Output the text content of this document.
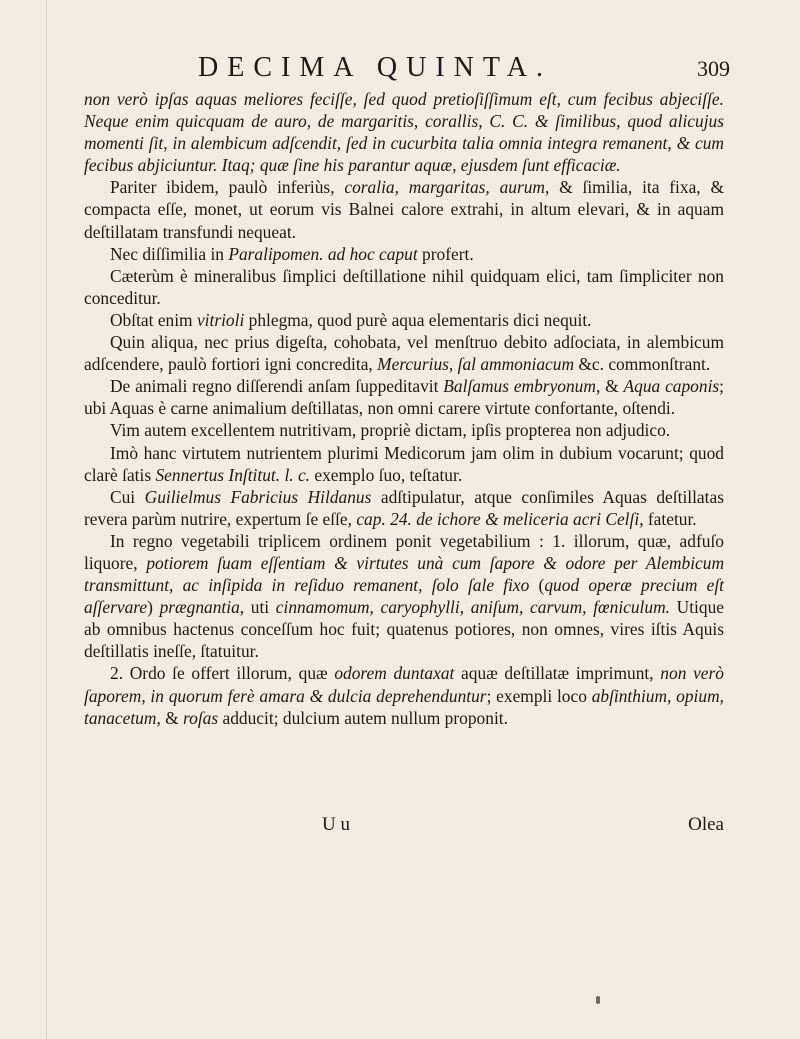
DECIMA QUINTA.	309

non verò ipſas aquas meliores feciſſe, ſed quod pretioſiſſimum eſt, cum fecibus abjeciſſe. Neque enim quicquam de auro, de margaritis, corallis, C. C. & ſimilibus, quod alicujus momenti ſit, in alembicum adſcendit, ſed in cucurbita talia omnia integra remanent, & cum fecibus abjiciuntur. Itaq; quæ ſine his parantur aquæ, ejusdem ſunt efficaciæ.

Pariter ibidem, paulò inferiùs, coralia, margaritas, aurum, & ſimilia, ita fixa, & compacta eſſe, monet, ut eorum vis Balnei calore extrahi, in altum elevari, & in aquam deſtillatam transfundi nequeat.

Nec diſſimilia in Paralipomen. ad hoc caput profert.

Cæterùm è mineralibus ſimplici deſtillatione nihil quidquam elici, tam ſimpliciter non conceditur.

Obſtat enim vitrioli phlegma, quod purè aqua elementaris dici nequit.

Quin aliqua, nec prius digeſta, cohobata, vel menſtruo debito adſociata, in alembicum adſcendere, paulò fortiori igni concredita, Mercurius, ſal ammoniacum &c. commonſtrant.

De animali regno diſſerendi anſam ſuppeditavit Balſamus embryonum, & Aqua caponis; ubi Aquas è carne animalium deſtillatas, non omni carere virtute confortante, oſtendi.

Vim autem excellentem nutritivam, propriè dictam, ipſis propterea non adjudico.

Imò hanc virtutem nutrientem plurimi Medicorum jam olim in dubium vocarunt; quod clarè ſatis Sennertus Inſtitut. l. c. exemplo ſuo, teſtatur.

Cui Guilielmus Fabricius Hildanus adſtipulatur, atque conſimiles Aquas deſtillatas revera parùm nutrire, expertum ſe eſſe, cap. 24. de ichore & meliceria acri Celſi, fatetur.

In regno vegetabili triplicem ordinem ponit vegetabilium : 1. illorum, quæ, adfuſo liquore, potiorem ſuam eſſentiam & virtutes unà cum ſapore & odore per Alembicum transmittunt, ac inſipida in reſiduo remanent, ſolo ſale fixo (quod operæ precium eſt aſſervare) prægnantia, uti cinnamomum, caryophylli, aniſum, carvum, fœniculum. Utique ab omnibus hactenus conceſſum hoc fuit; quatenus potiores, non omnes, vires iſtis Aquis deſtillatis ineſſe, ſtatuitur.

2. Ordo ſe offert illorum, quæ odorem duntaxat aquæ deſtillatæ imprimunt, non verò ſaporem, in quorum ferè amara & dulcia deprehenduntur; exempli loco abſinthium, opium, tanacetum, & roſas adducit; dulcium autem nullum proponit.

U u	Olea
